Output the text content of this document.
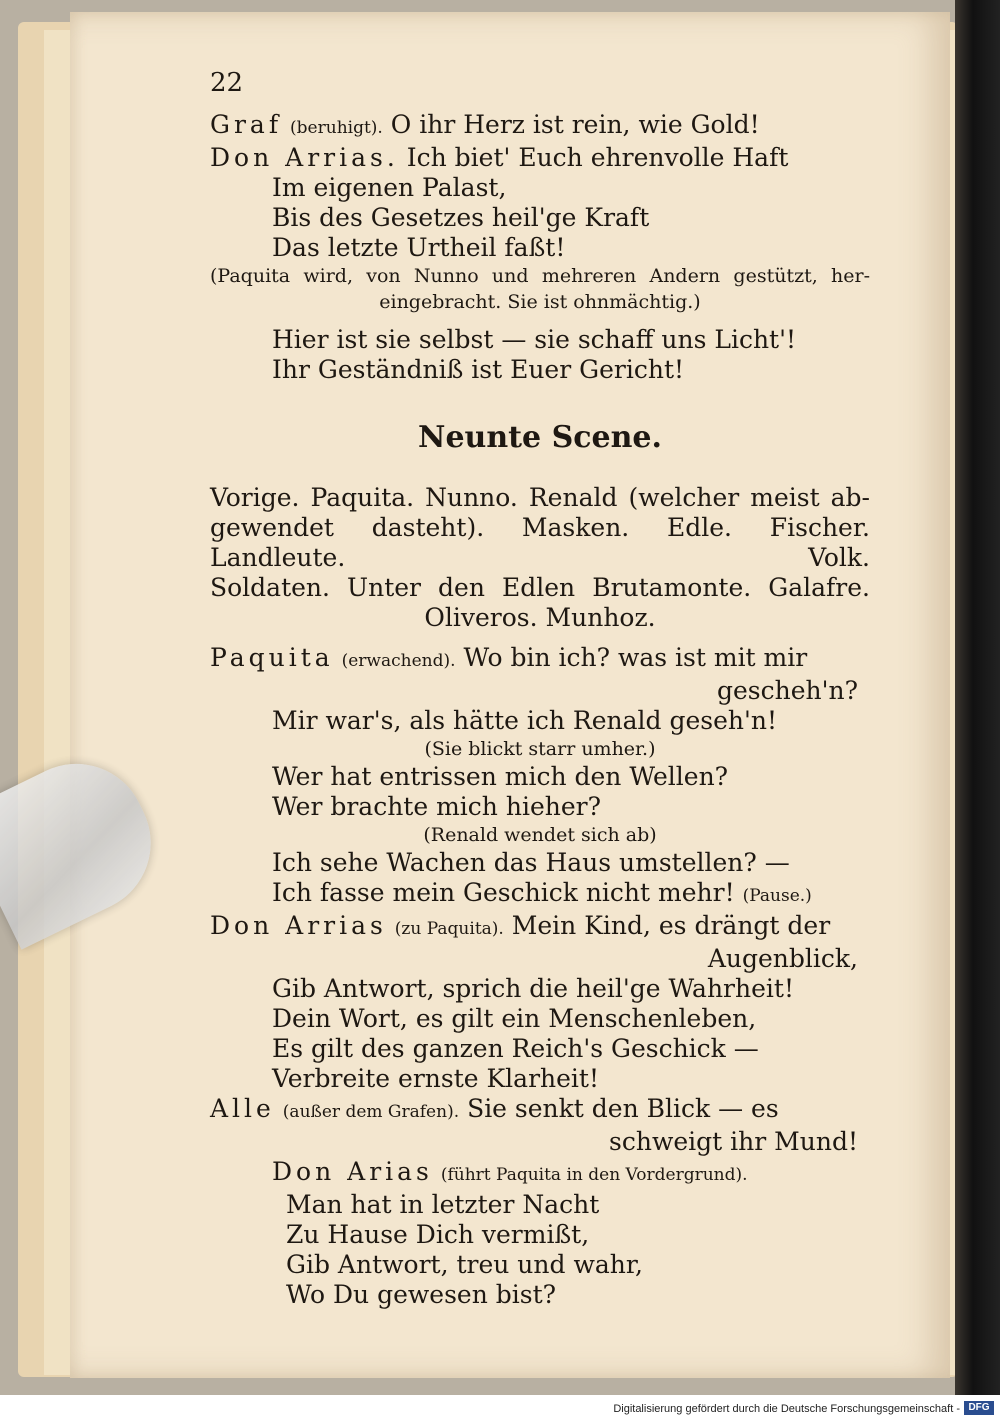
22
Graf (beruhigt). O ihr Herz ist rein, wie Gold!
Don Arrias. Ich biet' Euch ehrenvolle Haft
Im eigenen Palast,
Bis des Gesetzes heil'ge Kraft
Das letzte Urtheil faßt!
(Paquita wird, von Nunno und mehreren Andern gestützt, her-
eingebracht. Sie ist ohnmächtig.)
Hier ist sie selbst — sie schaff uns Licht'!
Ihr Geständniß ist Euer Gericht!
Neunte Scene.
Vorige. Paquita. Nunno. Renald (welcher meist ab-
gewendet dasteht). Masken. Edle. Fischer. Landleute. Volk.
Soldaten. Unter den Edlen Brutamonte. Galafre.
Oliveros. Munhoz.
Paquita (erwachend). Wo bin ich? was ist mit mir
gescheh'n?
Mir war's, als hätte ich Renald geseh'n!
(Sie blickt starr umher.)
Wer hat entrissen mich den Wellen?
Wer brachte mich hieher?
(Renald wendet sich ab)
Ich sehe Wachen das Haus umstellen? —
Ich fasse mein Geschick nicht mehr! (Pause.)
Don Arrias (zu Paquita). Mein Kind, es drängt der
Augenblick,
Gib Antwort, sprich die heil'ge Wahrheit!
Dein Wort, es gilt ein Menschenleben,
Es gilt des ganzen Reich's Geschick —
Verbreite ernste Klarheit!
Alle (außer dem Grafen). Sie senkt den Blick — es
schweigt ihr Mund!
Don Arias (führt Paquita in den Vordergrund).
Man hat in letzter Nacht
Zu Hause Dich vermißt,
Gib Antwort, treu und wahr,
Wo Du gewesen bist?
Digitalisierung gefördert durch die Deutsche Forschungsgemeinschaft - DFG
